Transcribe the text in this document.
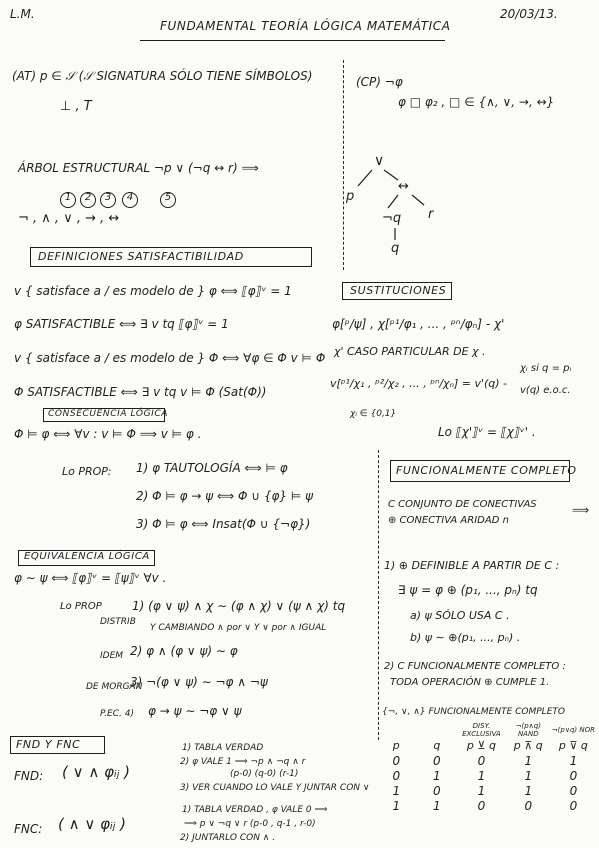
L.M.
FUNDAMENTAL TEORÍA LÓGICA MATEMÁTICA
20/03/13.
(AT) p ∈ 𝒮 (𝒮 SIGNATURA SÓLO TIENE SÍMBOLOS)
⊥ , T
ÁRBOL ESTRUCTURAL ¬p ∨ (¬q ↔ r) ⟹
1	2	3	4	5
¬ , ∧ , ∨ , → , ↔
DEFINICIONES SATISFACTIBILIDAD
v { satisface a / es modelo de } φ ⟺ ⟦φ⟧ᵛ = 1
φ SATISFACTIBLE ⟺ ∃ v tq ⟦φ⟧ᵛ = 1
v { satisface a / es modelo de } Φ ⟺ ∀φ ∈ Φ v ⊨ Φ
Φ SATISFACTIBLE ⟺ ∃ v tq v ⊨ Φ (Sat(Φ))
CONSECUENCIA LÓGICA
Φ ⊨ φ ⟺ ∀v : v ⊨ Φ ⟹ v ⊨ φ .
Lo PROP: 1) φ TAUTOLOGÍA ⟺ ⊨ φ
2) Φ ⊨ φ → ψ ⟺ Φ ∪ {φ} ⊨ ψ
3) Φ ⊨ φ ⟺ Insat(Φ ∪ {¬φ})
EQUIVALENCIA LÓGICA
φ ∼ ψ ⟺ ⟦φ⟧ᵛ = ⟦ψ⟧ᵛ ∀v .
Lo PROP
DISTRIB
1) (φ ∨ ψ) ∧ χ ∼ (φ ∧ χ) ∨ (ψ ∧ χ) tq
Y CAMBIANDO ∧ por ∨ Y ∨ por ∧ IGUAL
IDEM 2) φ ∧ (φ ∨ ψ) ∼ φ
DE MORGAN
3) ¬(φ ∨ ψ) ∼ ¬φ ∧ ¬ψ
P.EC. 4) φ → ψ ∼ ¬φ ∨ ψ
FND Y FNC
FND: ( ∨ ∧ φᵢⱼ )
1) TABLA VERDAD
2) φ VALE 1 ⟹ ¬p ∧ ¬q ∧ r
(p-0) (q-0) (r-1)
3) VER CUANDO LO VALE Y JUNTAR CON ∨
FNC: ( ∧ ∨ φᵢⱼ )
1) TABLA VERDAD , φ VALE 0 ⟹
⟹ p ∨ ¬q ∨ r (p-0 , q-1 , r-0)
2) JUNTARLO CON ∧ .
(CP) ¬φ
φ □ φ₂ , □ ∈ {∧, ∨, →, ↔}
∨
p
↔
¬q r
q
SUSTITUCIONES
φ[ᵖ/ψ] , χ[ᵖ¹/φ₁ , ... , ᵖⁿ/φₙ] - χ'
χ' CASO PARTICULAR DE χ .
v[ᵖ¹/χ₁ , ᵖ²/χ₂ , ... , ᵖⁿ/χₙ] = v'(q) -
χᵢ si q = pᵢ
v(q) e.o.c.
χᵢ ∈ {0,1}
Lo ⟦χ'⟧ᵛ = ⟦χ⟧ᵛ' .
FUNCIONALMENTE COMPLETO
C CONJUNTO DE CONECTIVAS
⊕ CONECTIVA ARIDAD n
⟹
1) ⊕ DEFINIBLE A PARTIR DE C :
∃ ψ = φ ⊕ (p₁, ..., pₙ) tq
a) ψ SÓLO USA C .
b) ψ ∼ ⊕(p₁, ..., pₙ) .
2) C FUNCIONALMENTE COMPLETO :
TODA OPERACIÓN ⊕ CUMPLE 1.
{¬, ∨, ∧} FUNCIONALMENTE COMPLETO
		DISY. EXCLUSIVA	¬(p∧q) NAND	¬(p∨q) NOR
p	q	p ⊻ q	p ⊼ q	p ⊽ q
0	0	0	1	1
0	1	1	1	0
1	0	1	1	0
1	1	0	0	0
